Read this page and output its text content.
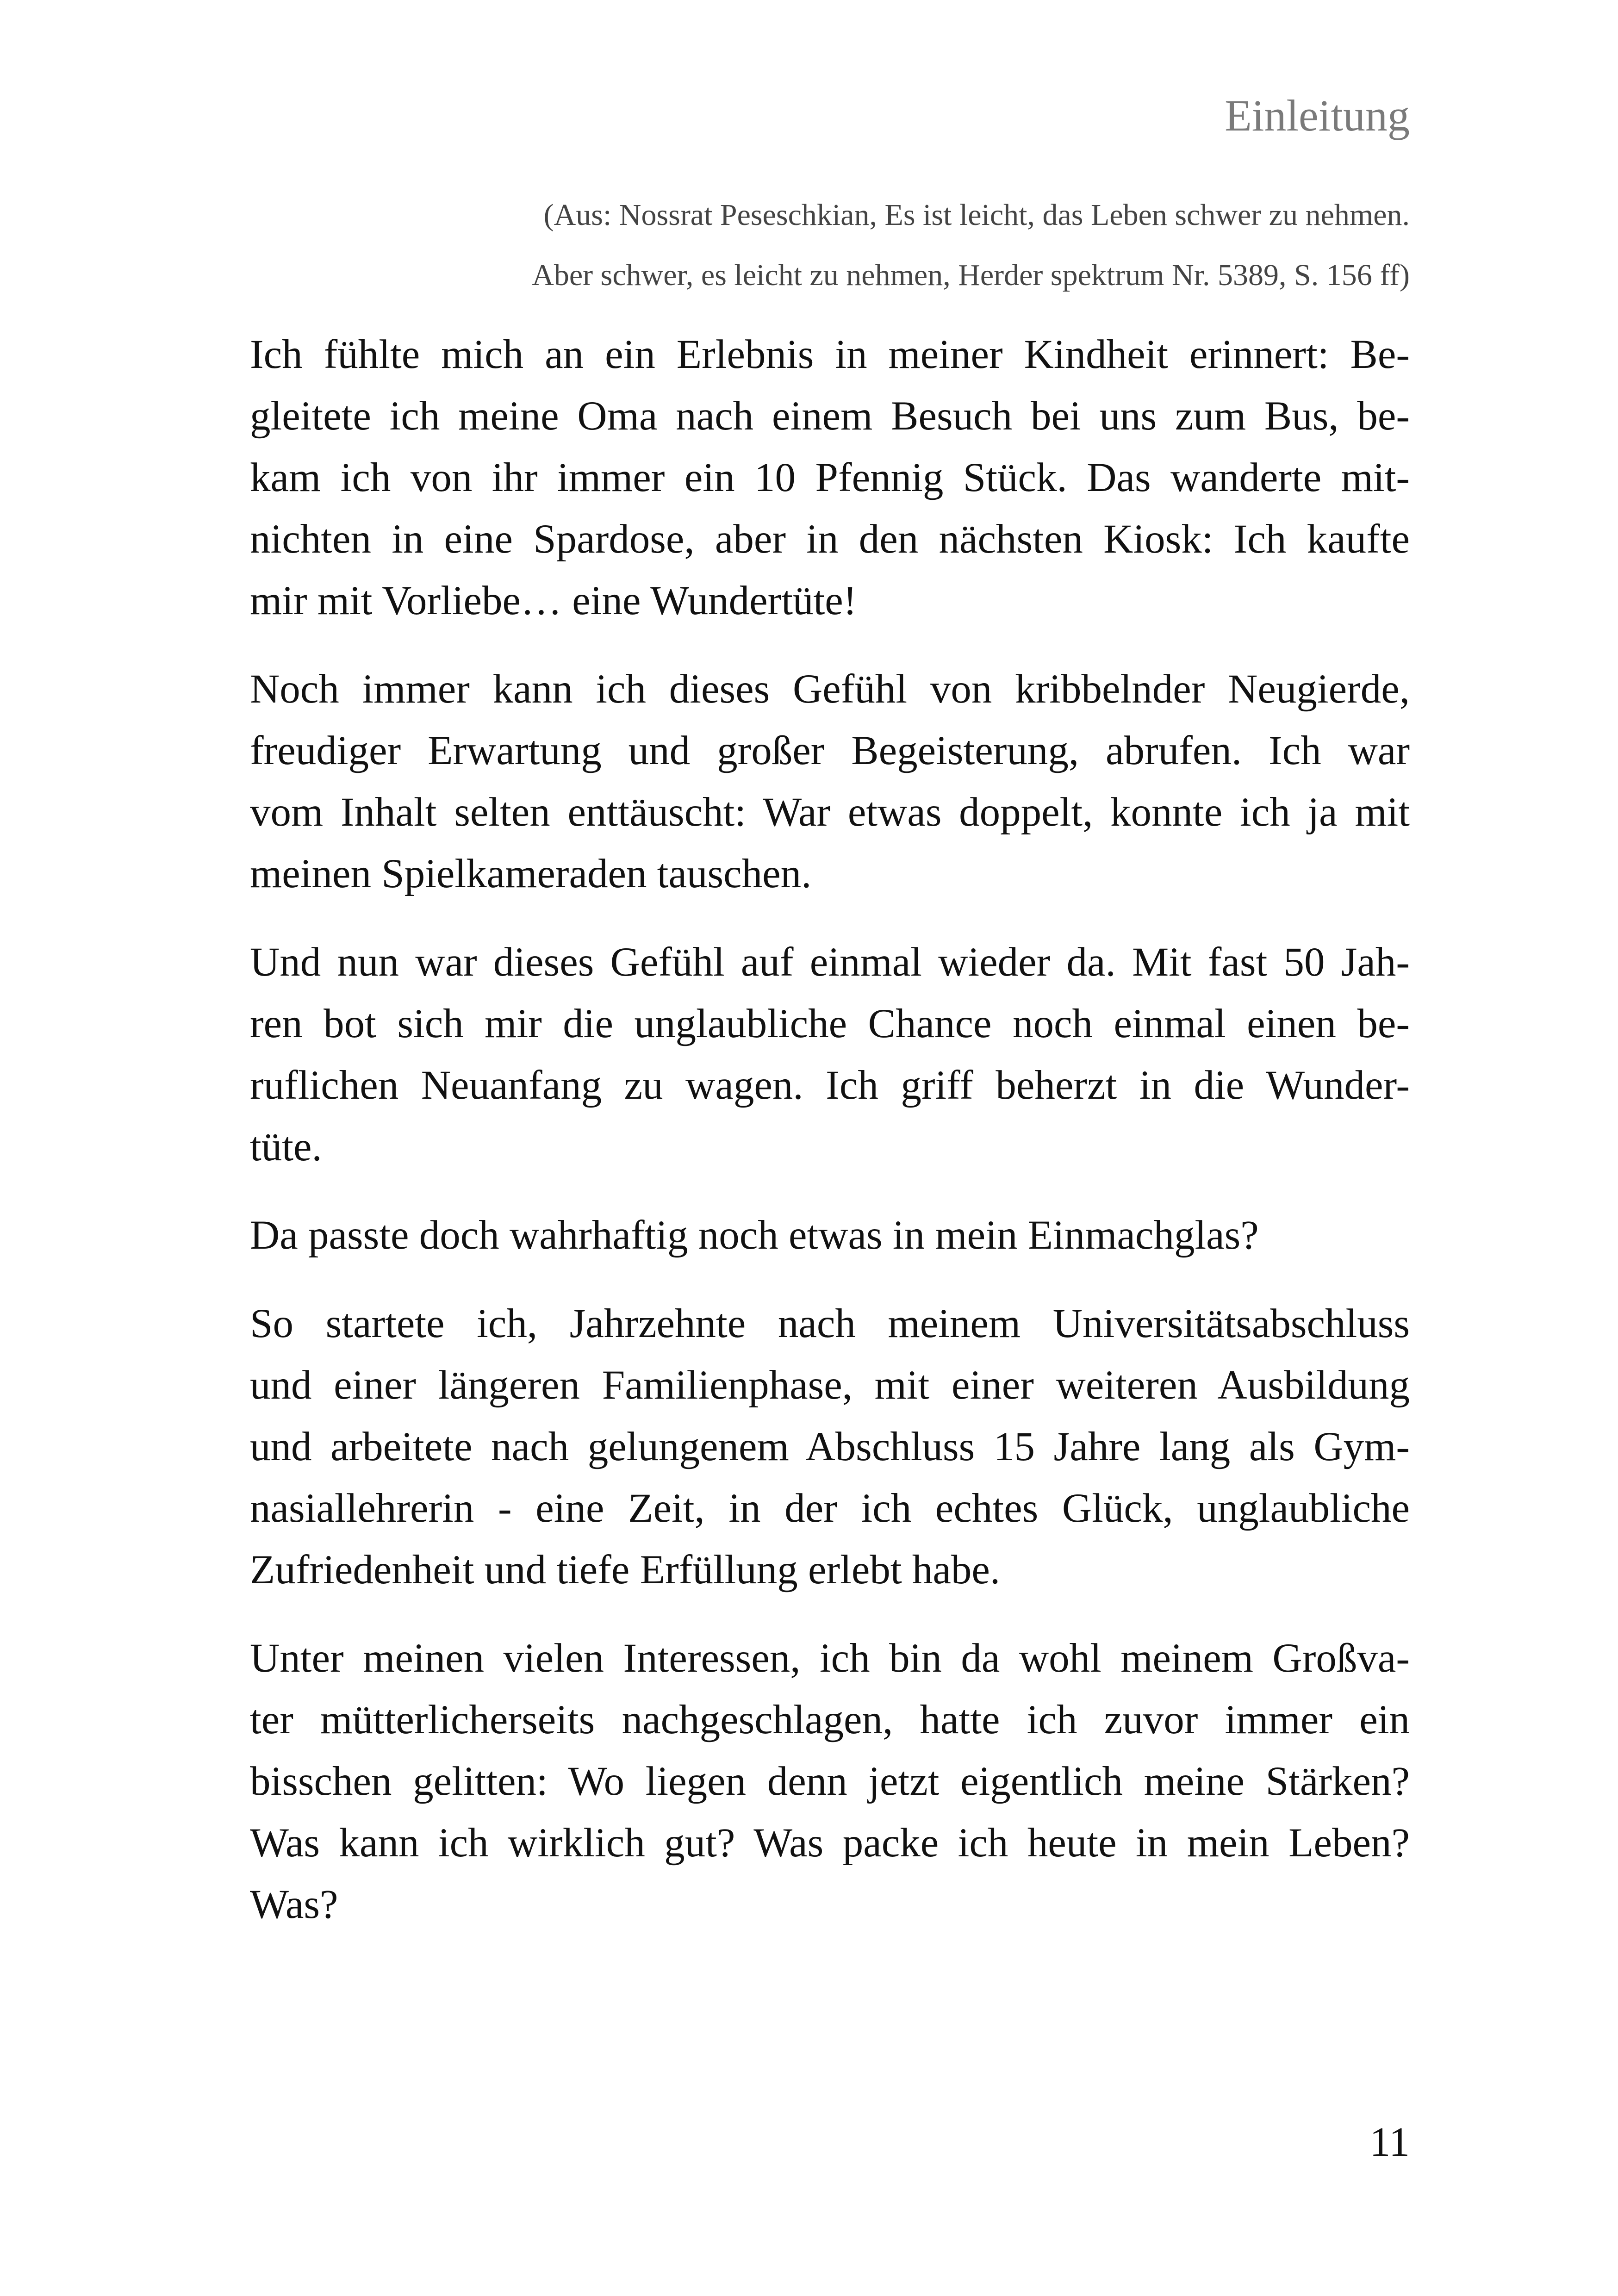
Einleitung
(Aus: Nossrat Peseschkian, Es ist leicht, das Leben schwer zu nehmen.
Aber schwer, es leicht zu nehmen, Herder spektrum Nr. 5389, S. 156 ff)
Ich fühlte mich an ein Erlebnis in meiner Kindheit erinnert: Be-
gleitete ich meine Oma nach einem Besuch bei uns zum Bus, be-
kam ich von ihr immer ein 10 Pfennig Stück. Das wanderte mit-
nichten in eine Spardose, aber in den nächsten Kiosk: Ich kaufte
mir mit Vorliebe… eine Wundertüte!
Noch immer kann ich dieses Gefühl von kribbelnder Neugierde,
freudiger Erwartung und großer Begeisterung, abrufen. Ich war
vom Inhalt selten enttäuscht: War etwas doppelt, konnte ich ja mit
meinen Spielkameraden tauschen.
Und nun war dieses Gefühl auf einmal wieder da. Mit fast 50 Jah-
ren bot sich mir die unglaubliche Chance noch einmal einen be-
ruflichen Neuanfang zu wagen. Ich griff beherzt in die Wunder-
tüte.
Da passte doch wahrhaftig noch etwas in mein Einmachglas?
So startete ich, Jahrzehnte nach meinem Universitätsabschluss
und einer längeren Familienphase, mit einer weiteren Ausbildung
und arbeitete nach gelungenem Abschluss 15 Jahre lang als Gym-
nasiallehrerin - eine Zeit, in der ich echtes Glück, unglaubliche
Zufriedenheit und tiefe Erfüllung erlebt habe.
Unter meinen vielen Interessen, ich bin da wohl meinem Großva-
ter mütterlicherseits nachgeschlagen, hatte ich zuvor immer ein
bisschen gelitten: Wo liegen denn jetzt eigentlich meine Stärken?
Was kann ich wirklich gut? Was packe ich heute in mein Leben?
Was?
11
